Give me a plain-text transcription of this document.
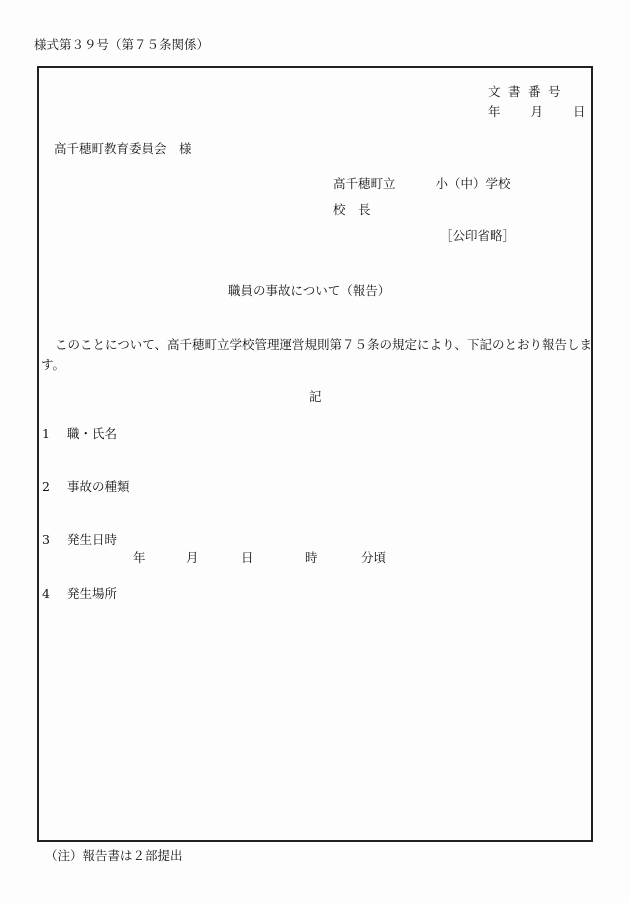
様式第３９号（第７５条関係）
文書番号
年 月 日
高千穂町教育委員会　様
高千穂町立	小（中）学校
校　長
［公印省略］
職員の事故について（報告）
このことについて、高千穂町立学校管理運営規則第７５条の規定により、下記のとおり報告します。
記
1 職・氏名
2 事故の種類
3 発生日時
年	月	日	時	分頃
4 発生場所
（注）報告書は２部提出
